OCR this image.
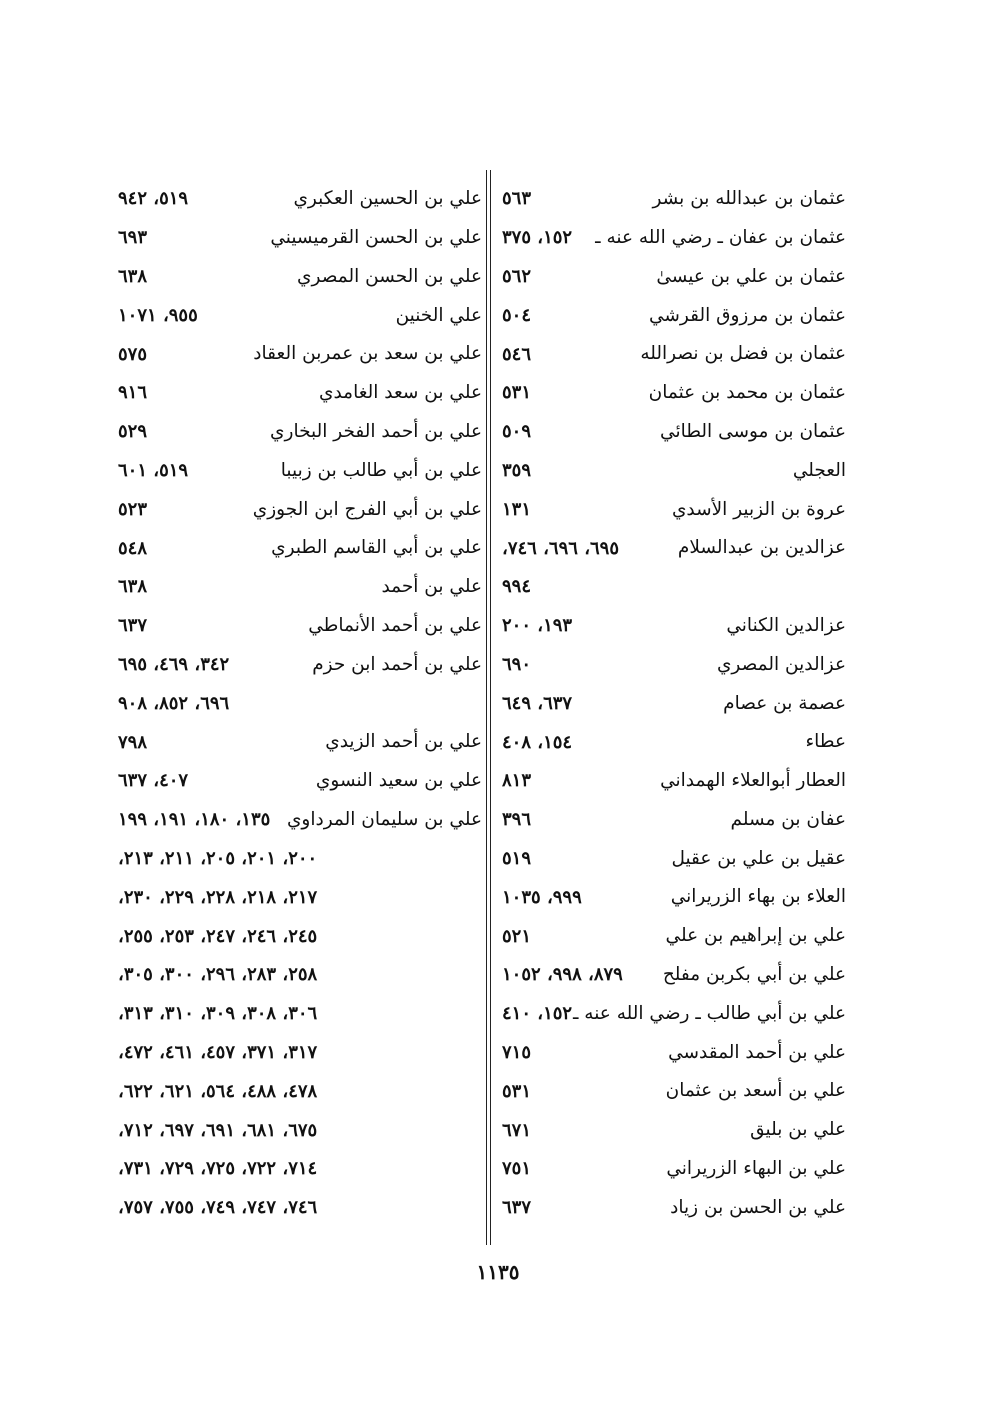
عثمان بن عبدالله بن بشر
٥٦٣
عثمان بن عفان ـ رضي الله عنه ـ
١٥٢، ٣٧٥
عثمان بن علي بن عيسىٰ
٥٦٢
عثمان بن مرزوق القرشي
٥٠٤
عثمان بن فضل بن نصرالله
٥٤٦
عثمان بن محمد بن عثمان
٥٣١
عثمان بن موسى الطائي
٥٠٩
العجلي
٣٥٩
عروة بن الزبير الأسدي
١٣١
عزالدين بن عبدالسلام
٦٩٥، ٦٩٦، ٧٤٦،
٩٩٤
عزالدين الكناني
١٩٣، ٢٠٠
عزالدين المصري
٦٩٠
عصمة بن عصام
٦٣٧، ٦٤٩
عطاء
١٥٤، ٤٠٨
العطار أبوالعلاء الهمداني
٨١٣
عفان بن مسلم
٣٩٦
عقيل بن علي بن عقيل
٥١٩
العلاء بن بهاء الزريراني
٩٩٩، ١٠٣٥
علي بن إبراهيم بن علي
٥٢١
علي بن أبي بكربن مفلح
٨٧٩، ٩٩٨، ١٠٥٢
علي بن أبي طالب ـ رضي الله عنه ـ
١٥٢، ٤١٠
علي بن أحمد المقدسي
٧١٥
علي بن أسعد بن عثمان
٥٣١
علي بن بليق
٦٧١
علي بن البهاء الزريراني
٧٥١
علي بن الحسن بن زياد
٦٣٧
علي بن الحسين العكبري
٥١٩، ٩٤٢
علي بن الحسن القرميسيني
٦٩٣
علي بن الحسن المصري
٦٣٨
علي الخنين
٩٥٥، ١٠٧١
علي بن سعد بن عمربن العقاد
٥٧٥
علي بن سعد الغامدي
٩١٦
علي بن أحمد الفخر البخاري
٥٢٩
علي بن أبي طالب بن زبيبا
٥١٩، ٦٠١
علي بن أبي الفرج ابن الجوزي
٥٢٣
علي بن أبي القاسم الطبري
٥٤٨
علي بن أحمد
٦٣٨
علي بن أحمد الأنماطي
٦٣٧
علي بن أحمد ابن حزم
٣٤٢، ٤٦٩، ٦٩٥
٦٩٦، ٨٥٢، ٩٠٨
علي بن أحمد الزيدي
٧٩٨
علي بن سعيد النسوي
٤٠٧، ٦٣٧
علي بن سليمان المرداوي
١٣٥، ١٨٠، ١٩١، ١٩٩
٢٠٠، ٢٠١، ٢٠٥، ٢١١، ٢١٣،
٢١٧، ٢١٨، ٢٢٨، ٢٢٩، ٢٣٠،
٢٤٥، ٢٤٦، ٢٤٧، ٢٥٣، ٢٥٥،
٢٥٨، ٢٨٣، ٢٩٦، ٣٠٠، ٣٠٥،
٣٠٦، ٣٠٨، ٣٠٩، ٣١٠، ٣١٣،
٣١٧، ٣٧١، ٤٥٧، ٤٦١، ٤٧٢،
٤٧٨، ٤٨٨، ٥٦٤، ٦٢١، ٦٢٢،
٦٧٥، ٦٨١، ٦٩١، ٦٩٧، ٧١٢،
٧١٤، ٧٢٢، ٧٢٥، ٧٢٩، ٧٣١،
٧٤٦، ٧٤٧، ٧٤٩، ٧٥٥، ٧٥٧،
١١٣٥
